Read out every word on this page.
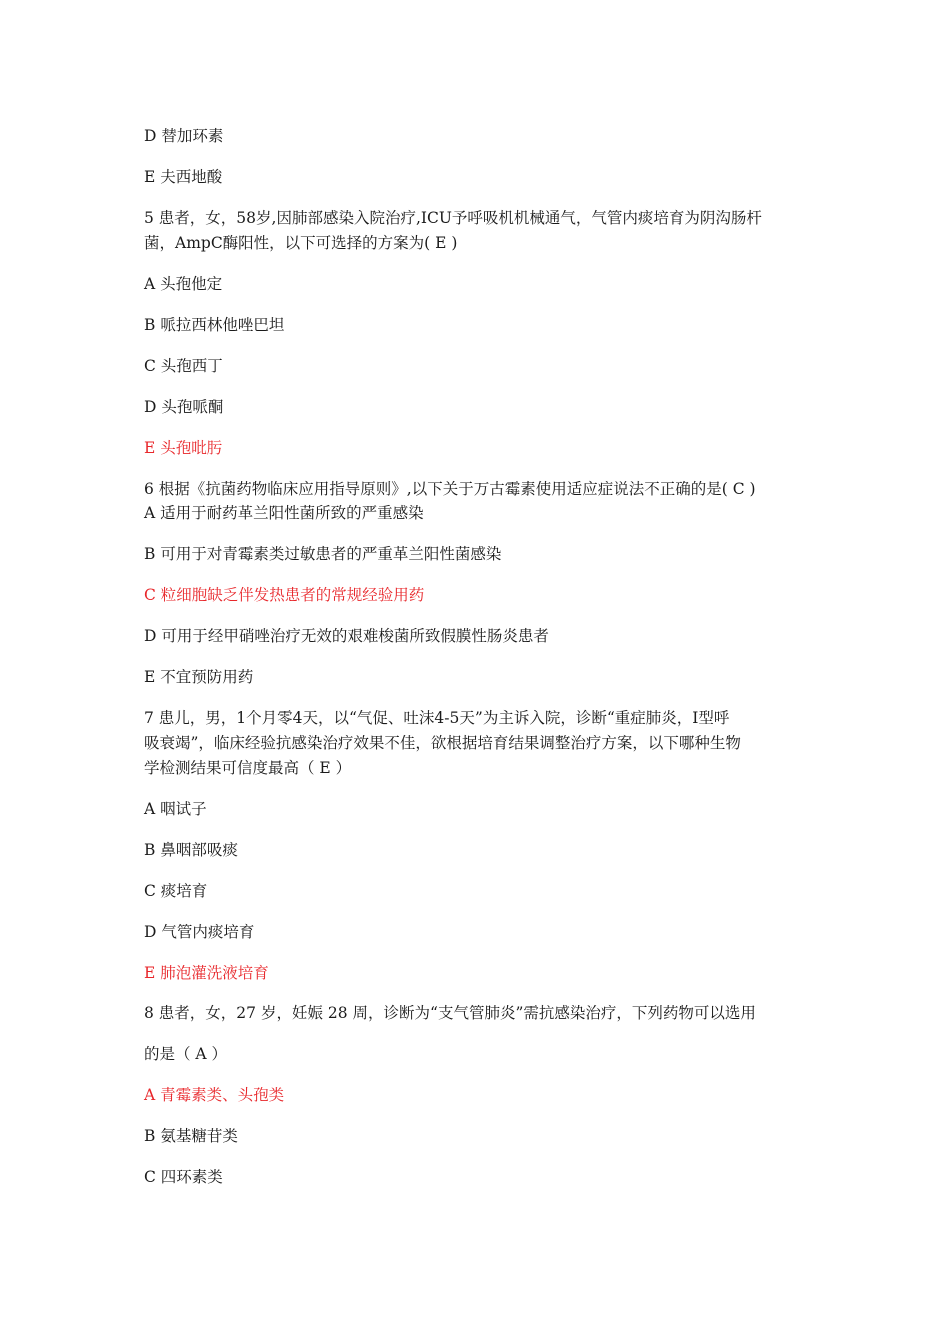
D 替加环素
E 夫西地酸
5 患者，女，58岁,因肺部感染入院治疗,ICU予呼吸机机械通气，气管内痰培育为阴沟肠杆
菌，AmpC酶阳性，以下可选择的方案为( E )
A 头孢他定
B 哌拉西林他唑巴坦
C 头孢西丁
D 头孢哌酮
E 头孢吡肟
6 根据《抗菌药物临床应用指导原则》,以下关于万古霉素使用适应症说法不正确的是( C )
A 适用于耐药革兰阳性菌所致的严重感染
B 可用于对青霉素类过敏患者的严重革兰阳性菌感染
C 粒细胞缺乏伴发热患者的常规经验用药
D 可用于经甲硝唑治疗无效的艰难梭菌所致假膜性肠炎患者
E 不宜预防用药
7 患儿，男，1个月零4天，以“气促、吐沫4-5天”为主诉入院，诊断“重症肺炎，Ⅰ型呼
吸衰竭”，临床经验抗感染治疗效果不佳，欲根据培育结果调整治疗方案，以下哪种生物
学检测结果可信度最高（ E ）
A 咽试子
B 鼻咽部吸痰
C 痰培育
D 气管内痰培育
E 肺泡灌洗液培育
8 患者，女，27 岁，妊娠 28 周，诊断为“支气管肺炎”需抗感染治疗，下列药物可以选用
的是（ A ）
A 青霉素类、头孢类
B 氨基糖苷类
C 四环素类
